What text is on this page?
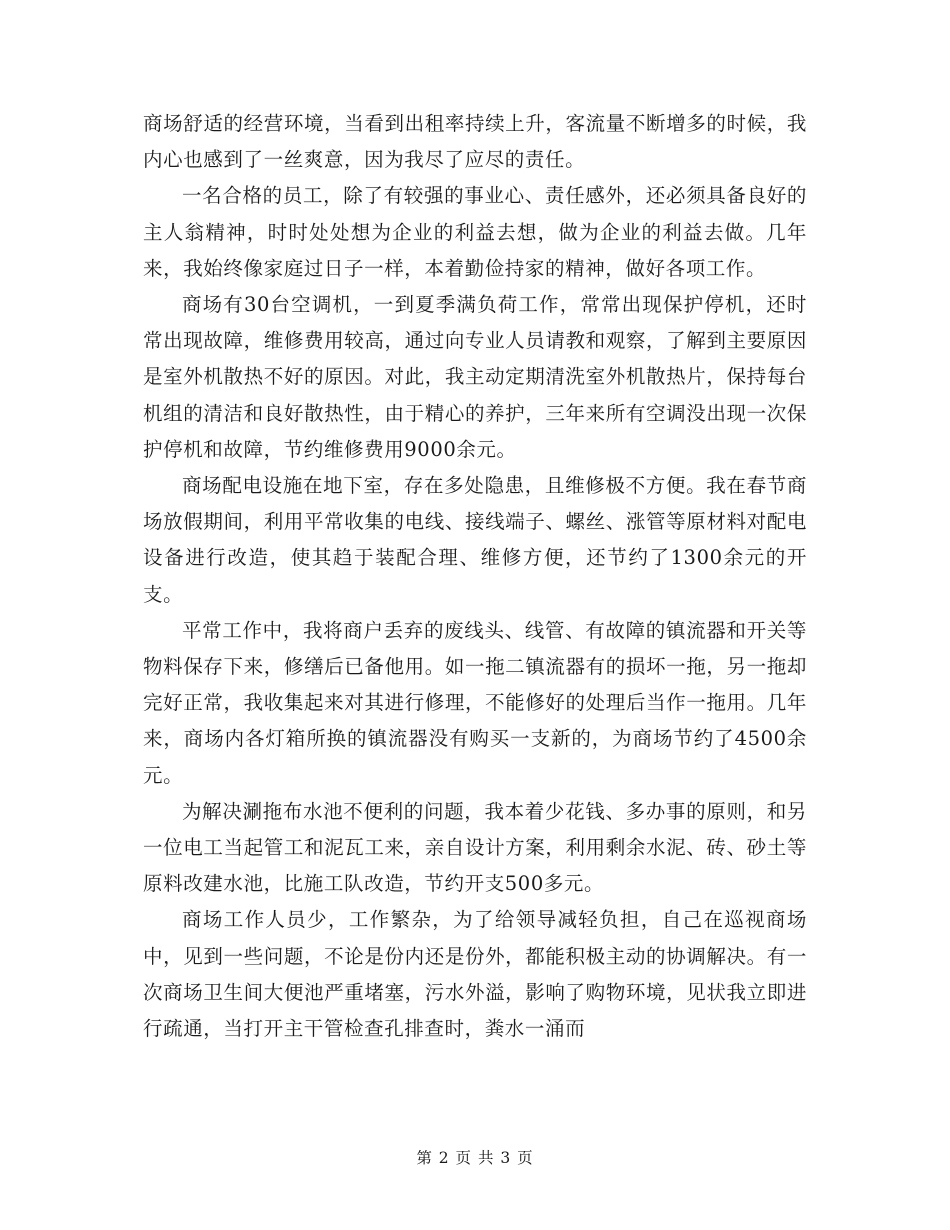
商场舒适的经营环境，当看到出租率持续上升，客流量不断增多的时候，我内心也感到了一丝爽意，因为我尽了应尽的责任。

一名合格的员工，除了有较强的事业心、责任感外，还必须具备良好的主人翁精神，时时处处想为企业的利益去想，做为企业的利益去做。几年来，我始终像家庭过日子一样，本着勤俭持家的精神，做好各项工作。

商场有30台空调机，一到夏季满负荷工作，常常出现保护停机，还时常出现故障，维修费用较高，通过向专业人员请教和观察，了解到主要原因是室外机散热不好的原因。对此，我主动定期清洗室外机散热片，保持每台机组的清洁和良好散热性，由于精心的养护，三年来所有空调没出现一次保护停机和故障，节约维修费用9000余元。

商场配电设施在地下室，存在多处隐患，且维修极不方便。我在春节商场放假期间，利用平常收集的电线、接线端子、螺丝、涨管等原材料对配电设备进行改造，使其趋于装配合理、维修方便，还节约了1300余元的开支。

平常工作中，我将商户丢弃的废线头、线管、有故障的镇流器和开关等物料保存下来，修缮后已备他用。如一拖二镇流器有的损坏一拖，另一拖却完好正常，我收集起来对其进行修理，不能修好的处理后当作一拖用。几年来，商场内各灯箱所换的镇流器没有购买一支新的，为商场节约了4500余元。

为解决涮拖布水池不便利的问题，我本着少花钱、多办事的原则，和另一位电工当起管工和泥瓦工来，亲自设计方案，利用剩余水泥、砖、砂土等原料改建水池，比施工队改造，节约开支500多元。

商场工作人员少，工作繁杂，为了给领导减轻负担，自己在巡视商场中，见到一些问题，不论是份内还是份外，都能积极主动的协调解决。有一次商场卫生间大便池严重堵塞，污水外溢，影响了购物环境，见状我立即进行疏通，当打开主干管检查孔排查时，粪水一涌而

第 2 页 共 3 页
